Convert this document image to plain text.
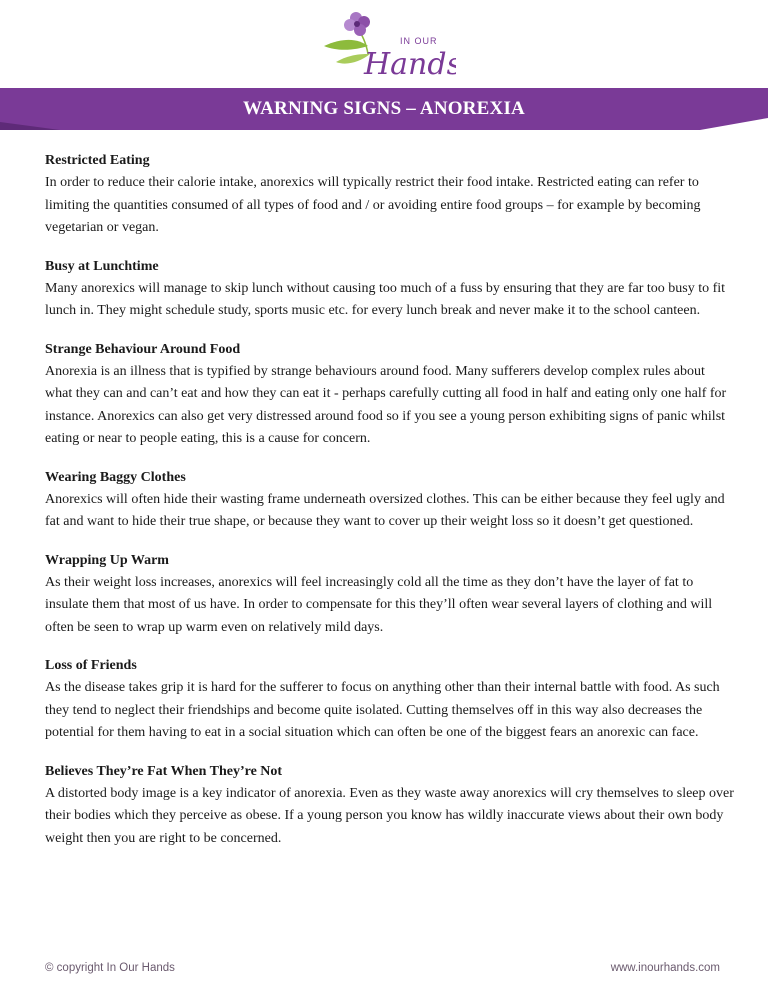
IN OUR
Hands
WARNING SIGNS – ANOREXIA
Restricted Eating

In order to reduce their calorie intake, anorexics will typically restrict their food intake. Restricted eating can refer to limiting the quantities consumed of all types of food and / or avoiding entire food groups – for example by becoming vegetarian or vegan.

Busy at Lunchtime

Many anorexics will manage to skip lunch without causing too much of a fuss by ensuring that they are far too busy to fit lunch in. They might schedule study, sports music etc. for every lunch break and never make it to the school canteen.

Strange Behaviour Around Food

Anorexia is an illness that is typified by strange behaviours around food. Many sufferers develop complex rules about what they can and can’t eat and how they can eat it - perhaps carefully cutting all food in half and eating only one half for instance. Anorexics can also get very distressed around food so if you see a young person exhibiting signs of panic whilst eating or near to people eating, this is a cause for concern.

Wearing Baggy Clothes

Anorexics will often hide their wasting frame underneath oversized clothes. This can be either because they feel ugly and fat and want to hide their true shape, or because they want to cover up their weight loss so it doesn’t get questioned.

Wrapping Up Warm

As their weight loss increases, anorexics will feel increasingly cold all the time as they don’t have the layer of fat to insulate them that most of us have. In order to compensate for this they’ll often wear several layers of clothing and will often be seen to wrap up warm even on relatively mild days.

Loss of Friends

As the disease takes grip it is hard for the sufferer to focus on anything other than their internal battle with food. As such they tend to neglect their friendships and become quite isolated. Cutting themselves off in this way also decreases the potential for them having to eat in a social situation which can often be one of the biggest fears an anorexic can face.

Believes They’re Fat When They’re Not

A distorted body image is a key indicator of anorexia. Even as they waste away anorexics will cry themselves to sleep over their bodies which they perceive as obese. If a young person you know has wildly inaccurate views about their own body weight then you are right to be concerned.

© copyright In Our Hands	www.inourhands.com
